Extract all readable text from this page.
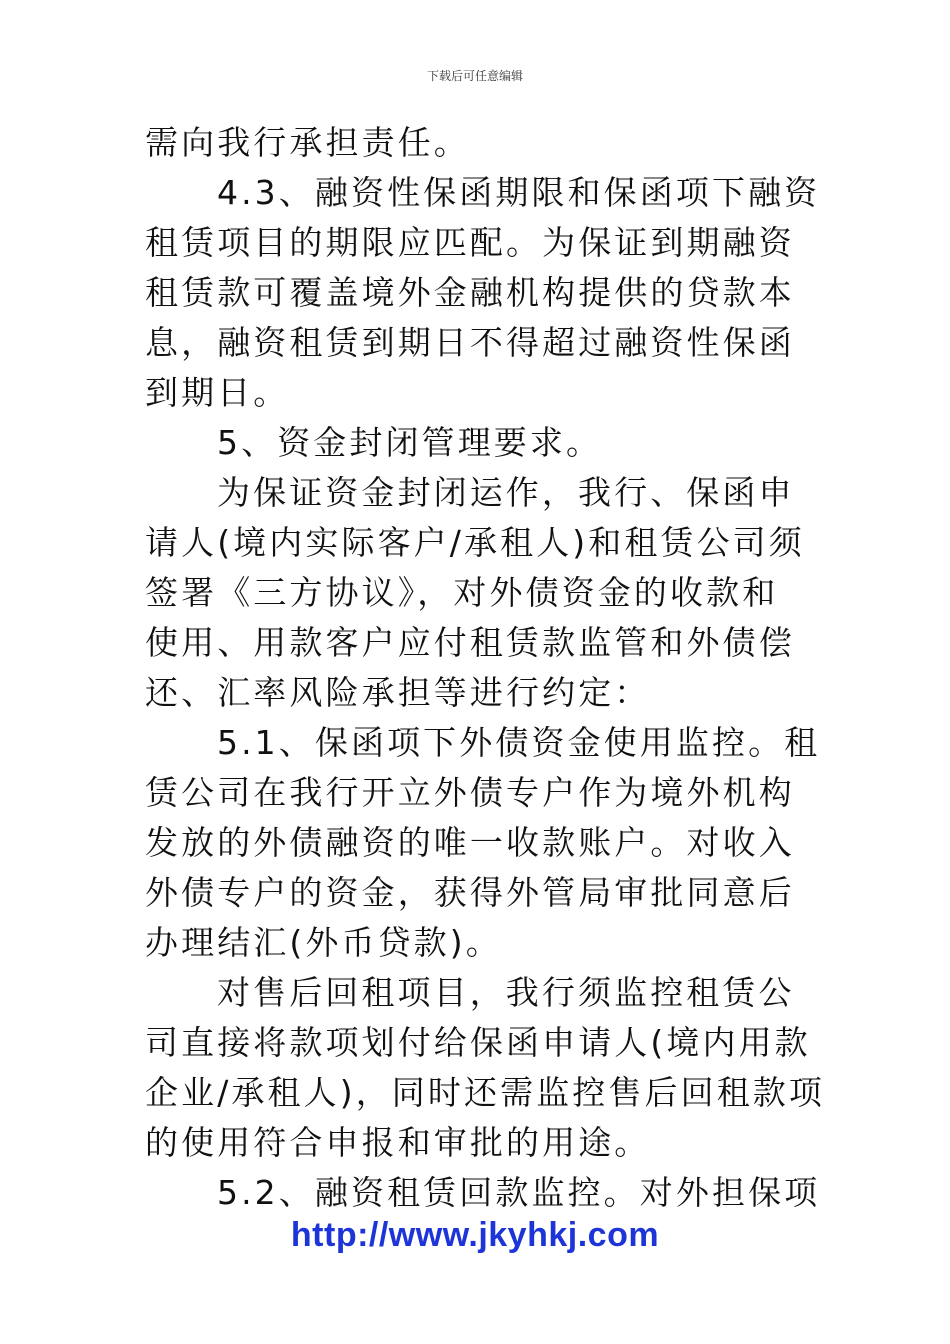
下载后可任意编辑
需向我行承担责任。
4.3、融资性保函期限和保函项下融资
租赁项目的期限应匹配。为保证到期融资
租赁款可覆盖境外金融机构提供的贷款本
息，融资租赁到期日不得超过融资性保函
到期日。
5、资金封闭管理要求。
为保证资金封闭运作，我行、保函申
请人(境内实际客户/承租人)和租赁公司须
签署《三方协议》，对外债资金的收款和
使用、用款客户应付租赁款监管和外债偿
还、汇率风险承担等进行约定：
5.1、保函项下外债资金使用监控。租
赁公司在我行开立外债专户作为境外机构
发放的外债融资的唯一收款账户。对收入
外债专户的资金，获得外管局审批同意后
办理结汇(外币贷款)。
对售后回租项目，我行须监控租赁公
司直接将款项划付给保函申请人(境内用款
企业/承租人)，同时还需监控售后回租款项
的使用符合申报和审批的用途。
5.2、融资租赁回款监控。对外担保项
http://www.jkyhkj.com
